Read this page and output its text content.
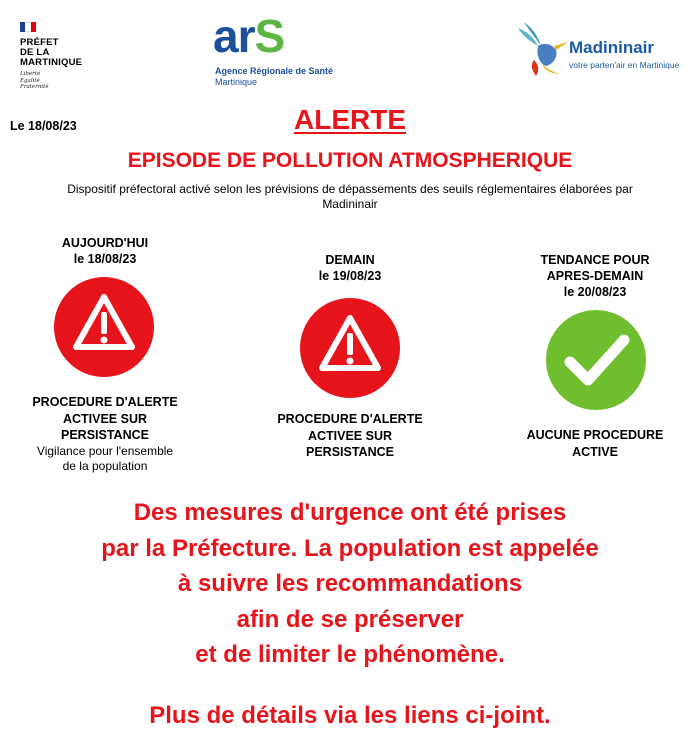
PRÉFET
DE LA
MARTINIQUE
Liberté
Égalité
Fraternité
arS
Agence Régionale de Santé
Martinique
Madininair
votre parten'air en Martinique
Le 18/08/23	ALERTE
EPISODE DE POLLUTION ATMOSPHERIQUE
Dispositif préfectoral activé selon les prévisions de dépassements des seuils réglementaires élaborées par
Madininair
AUJOURD'HUI
le 18/08/23
PROCEDURE D'ALERTE
ACTIVEE SUR
PERSISTANCE
Vigilance pour l'ensemble
de la population
DEMAIN
le 19/08/23
PROCEDURE D'ALERTE
ACTIVEE SUR
PERSISTANCE
TENDANCE POUR
APRES-DEMAIN
le 20/08/23
AUCUNE PROCEDURE
ACTIVE
Des mesures d'urgence ont été prises
par la Préfecture. La population est appelée
à suivre les recommandations
afin de se préserver
et de limiter le phénomène.
Plus de détails via les liens ci-joint.
